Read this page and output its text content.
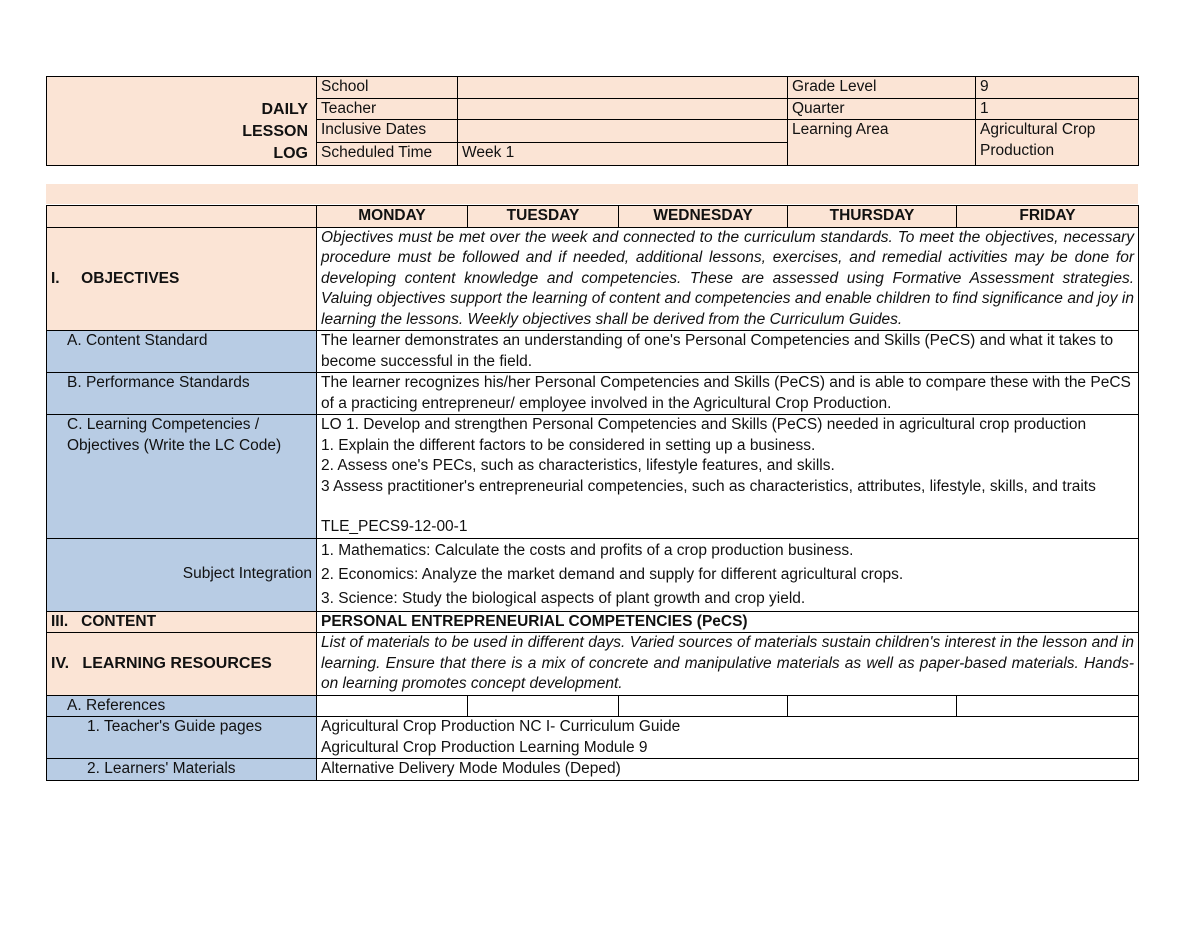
DAILY
LESSON
LOG	School		Grade Level	9
	Teacher		Quarter	1
	Inclusive Dates		Learning Area	Agricultural Crop Production
	Scheduled Time	Week 1		

	MONDAY	TUESDAY	WEDNESDAY	THURSDAY	FRIDAY
I.     OBJECTIVES	Objectives must be met over the week and connected to the curriculum standards. To meet the objectives, necessary procedure must be followed and if needed, additional lessons, exercises, and remedial activities may be done for developing content knowledge and competencies. These are assessed using Formative Assessment strategies. Valuing objectives support the learning of content and competencies and enable children to find significance and joy in learning the lessons. Weekly objectives shall be derived from the Curriculum Guides.				
A. Content Standard	The learner demonstrates an understanding of one's Personal Competencies and Skills (PeCS) and what it takes to become successful in the field.				
B. Performance Standards	The learner recognizes his/her Personal Competencies and Skills (PeCS) and is able to compare these with the PeCS of a practicing entrepreneur/ employee involved in the Agricultural Crop Production.				
C. Learning Competencies / Objectives (Write the LC Code)	LO 1. Develop and strengthen Personal Competencies and Skills (PeCS) needed in agricultural crop production
1. Explain the different factors to be considered in setting up a business.
2. Assess one's PECs, such as characteristics, lifestyle features, and skills.
3 Assess practitioner's entrepreneurial competencies, such as characteristics, attributes, lifestyle, skills, and traits
TLE_PECS9-12-00-1				

Subject Integration	1. Mathematics: Calculate the costs and profits of a crop production business.
2. Economics: Analyze the market demand and supply for different agricultural crops.
3. Science: Study the biological aspects of plant growth and crop yield.				

III.   CONTENT	PERSONAL ENTREPRENEURIAL COMPETENCIES (PeCS)				
IV.   LEARNING RESOURCES	List of materials to be used in different days. Varied sources of materials sustain children's interest in the lesson and in learning. Ensure that there is a mix of concrete and manipulative materials as well as paper-based materials. Hands-on learning promotes concept development.				
A. References					
1. Teacher's Guide pages	Agricultural Crop Production NC I- Curriculum Guide
Agricultural Crop Production Learning Module 9				

2. Learners' Materials	Alternative Delivery Mode Modules (Deped)				
